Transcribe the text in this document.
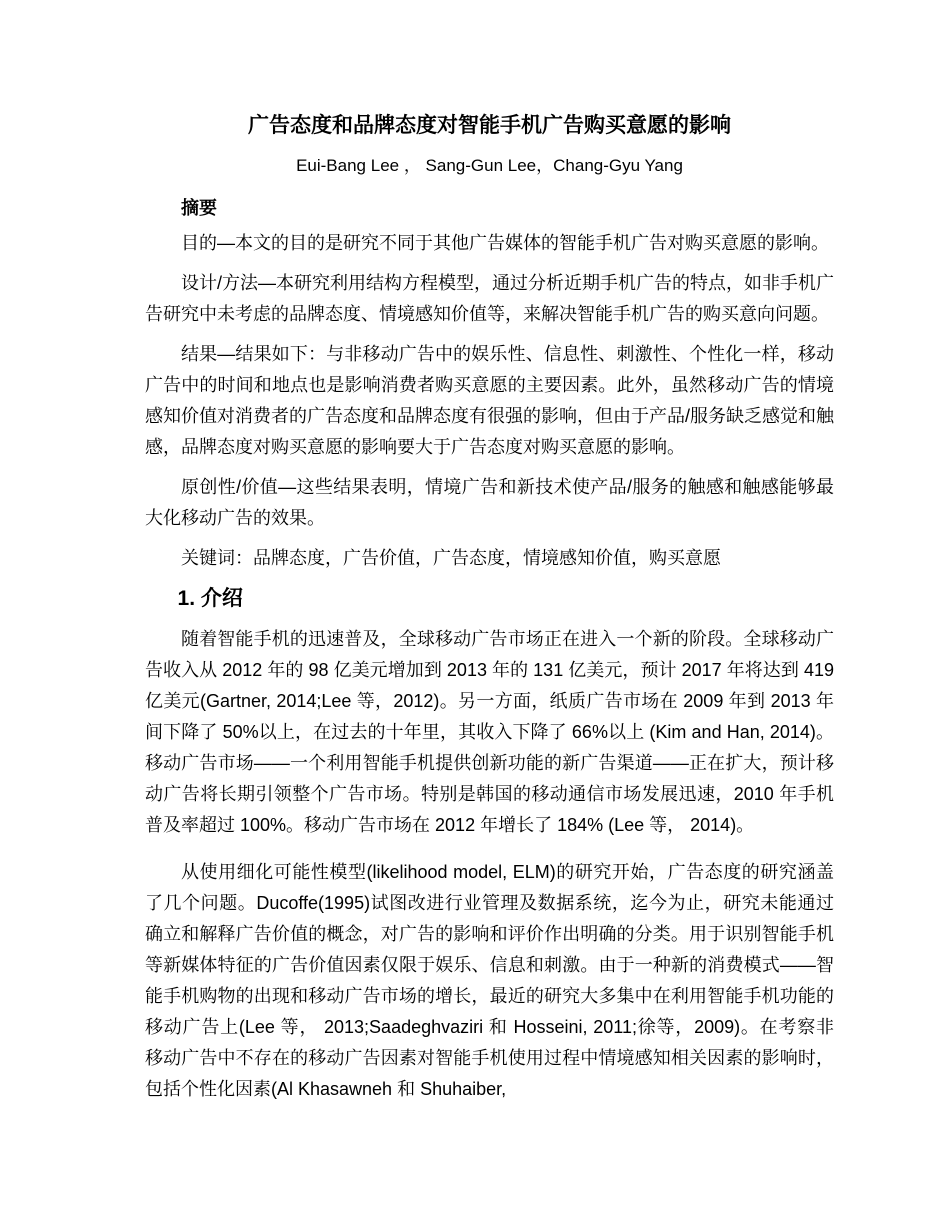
广告态度和品牌态度对智能手机广告购买意愿的影响
Eui-Bang Lee ， Sang-Gun Lee，Chang-Gyu Yang
摘要

目的—本文的目的是研究不同于其他广告媒体的智能手机广告对购买意愿的影响。

设计/方法—本研究利用结构方程模型，通过分析近期手机广告的特点，如非手机广告研究中未考虑的品牌态度、情境感知价值等，来解决智能手机广告的购买意向问题。

结果—结果如下：与非移动广告中的娱乐性、信息性、刺激性、个性化一样，移动广告中的时间和地点也是影响消费者购买意愿的主要因素。此外，虽然移动广告的情境感知价值对消费者的广告态度和品牌态度有很强的影响，但由于产品/服务缺乏感觉和触感，品牌态度对购买意愿的影响要大于广告态度对购买意愿的影响。

原创性/价值—这些结果表明，情境广告和新技术使产品/服务的触感和触感能够最大化移动广告的效果。

关键词：品牌态度，广告价值，广告态度，情境感知价值，购买意愿

1. 介绍

随着智能手机的迅速普及，全球移动广告市场正在进入一个新的阶段。全球移动广告收入从 2012 年的 98 亿美元增加到 2013 年的 131 亿美元，预计 2017 年将达到 419 亿美元(Gartner, 2014;Lee 等，2012)。另一方面，纸质广告市场在 2009 年到 2013 年间下降了 50%以上，在过去的十年里，其收入下降了 66%以上 (Kim and Han, 2014)。移动广告市场——一个利用智能手机提供创新功能的新广告渠道——正在扩大，预计移动广告将长期引领整个广告市场。特别是韩国的移动通信市场发展迅速，2010 年手机普及率超过 100%。移动广告市场在 2012 年增长了 184% (Lee 等， 2014)。

从使用细化可能性模型(likelihood model, ELM)的研究开始，广告态度的研究涵盖了几个问题。Ducoffe(1995)试图改进行业管理及数据系统，迄今为止，研究未能通过确立和解释广告价值的概念，对广告的影响和评价作出明确的分类。用于识别智能手机等新媒体特征的广告价值因素仅限于娱乐、信息和刺激。由于一种新的消费模式——智能手机购物的出现和移动广告市场的增长，最近的研究大多集中在利用智能手机功能的移动广告上(Lee 等， 2013;Saadeghvaziri 和 Hosseini, 2011;徐等，2009)。在考察非移动广告中不存在的移动广告因素对智能手机使用过程中情境感知相关因素的影响时，包括个性化因素(Al Khasawneh 和 Shuhaiber,
